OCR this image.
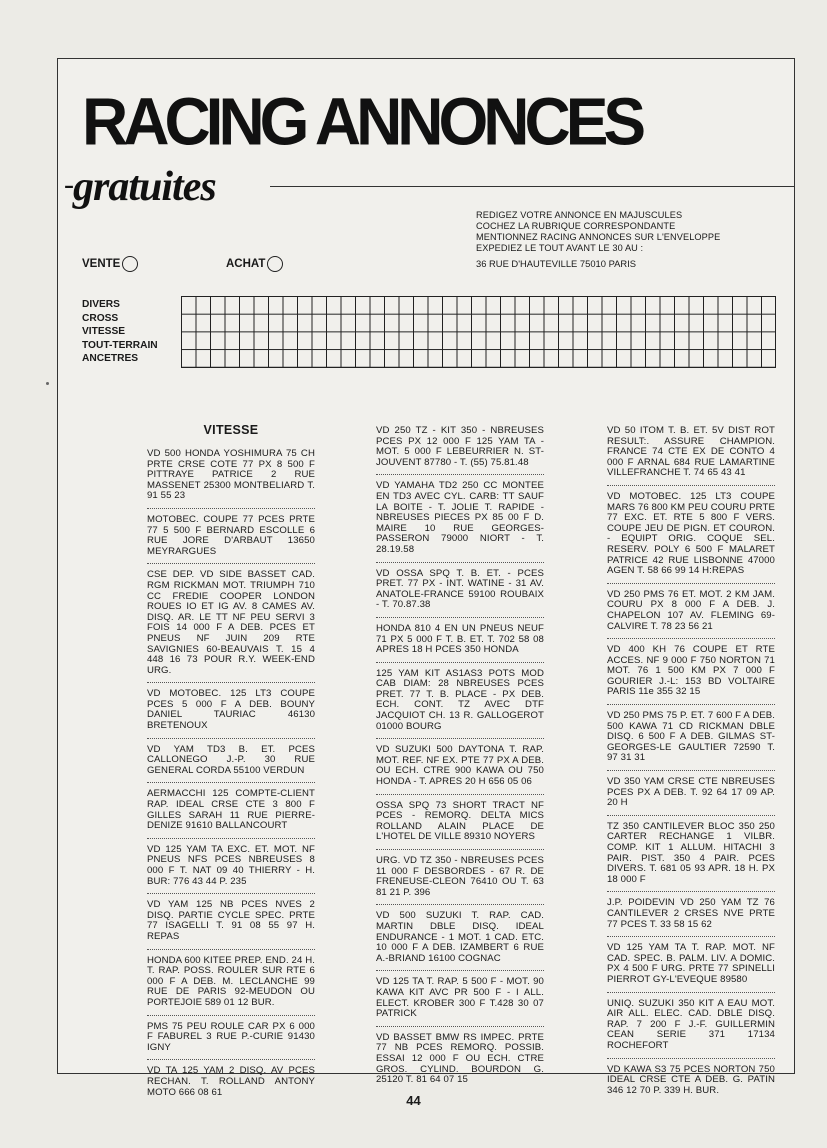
RACING ANNONCES
-gratuites
REDIGEZ VOTRE ANNONCE EN MAJUSCULES
COCHEZ LA RUBRIQUE CORRESPONDANTE
MENTIONNEZ RACING ANNONCES SUR L'ENVELOPPE
EXPEDIEZ LE TOUT AVANT LE 30 AU :
36 RUE D'HAUTEVILLE 75010 PARIS
VENTE	ACHAT
DIVERS
CROSS
VITESSE
TOUT-TERRAIN
ANCETRES
VITESSE
VD 500 HONDA YOSHIMURA 75 CH PRTE CRSE COTE 77 PX 8 500 F PITTRAYE PATRICE 2 RUE MASSENET 25300 MONTBELIARD T. 91 55 23
MOTOBEC. COUPE 77 PCES PRTE 77 5 500 F BERNARD ESCOLLE 6 RUE JORE D'ARBAUT 13650 MEYRARGUES
CSE DEP. VD SIDE BASSET CAD. RGM RICKMAN MOT. TRIUMPH 710 CC FREDIE COOPER LONDON ROUES IO ET IG AV. 8 CAMES AV. DISQ. AR. LE TT NF PEU SERVI 3 FOIS 14 000 F A DEB. PCES ET PNEUS NF JUIN 209 RTE SAVIGNIES 60-BEAUVAIS T. 15 4 448 16 73 POUR R.Y. WEEK-END URG.
VD MOTOBEC. 125 LT3 COUPE PCES 5 000 F A DEB. BOUNY DANIEL TAURIAC 46130 BRETENOUX
VD YAM TD3 B. ET. PCES CALLONEGO J.-P. 30 RUE GENERAL CORDA 55100 VERDUN
AERMACCHI 125 COMPTE-CLIENT RAP. IDEAL CRSE CTE 3 800 F GILLES SARAH 11 RUE PIERRE-DENIZE 91610 BALLANCOURT
VD 125 YAM TA EXC. ET. MOT. NF PNEUS NFS PCES NBREUSES 8 000 F T. NAT 09 40 THIERRY - H. BUR: 776 43 44 P. 235
VD YAM 125 NB PCES NVES 2 DISQ. PARTIE CYCLE SPEC. PRTE 77 ISAGELLI T. 91 08 55 97 H. REPAS
HONDA 600 KITEE PREP. END. 24 H. T. RAP. POSS. ROULER SUR RTE 6 000 F A DEB. M. LECLANCHE 99 RUE DE PARIS 92-MEUDON OU PORTEJOIE 589 01 12 BUR.
PMS 75 PEU ROULE CAR PX 6 000 F FABUREL 3 RUE P.-CURIE 91430 IGNY
VD TA 125 YAM 2 DISQ. AV PCES RECHAN. T. ROLLAND ANTONY MOTO 666 08 61
VD 250 TZ - KIT 350 - NBREUSES PCES PX 12 000 F 125 YAM TA - MOT. 5 000 F LEBEURRIER N. ST-JOUVENT 87780 - T. (55) 75.81.48
VD YAMAHA TD2 250 CC MONTEE EN TD3 AVEC CYL. CARB: TT SAUF LA BOITE - T. JOLIE T. RAPIDE - NBREUSES PIECES PX 85 00 F D. MAIRE 10 RUE GEORGES-PASSERON 79000 NIORT - T. 28.19.58
VD OSSA SPQ T. B. ET. - PCES PRET. 77 PX - INT. WATINE - 31 AV. ANATOLE-FRANCE 59100 ROUBAIX - T. 70.87.38
HONDA 810 4 EN UN PNEUS NEUF 71 PX 5 000 F T. B. ET. T. 702 58 08 APRES 18 H PCES 350 HONDA
125 YAM KIT AS1AS3 POTS MOD CAB DIAM: 28 NBREUSES PCES PRET. 77 T. B. PLACE - PX DEB. ECH. CONT. TZ AVEC DTF JACQUIOT CH. 13 R. GALLOGEROT 01000 BOURG
VD SUZUKI 500 DAYTONA T. RAP. MOT. REF. NF EX. PTE 77 PX A DEB. OU ECH. CTRE 900 KAWA OU 750 HONDA - T. APRES 20 H 656 05 06
OSSA SPQ 73 SHORT TRACT NF PCES - REMORQ. DELTA MICS ROLLAND ALAIN PLACE DE L'HOTEL DE VILLE 89310 NOYERS
URG. VD TZ 350 - NBREUSES PCES 11 000 F DESBORDES - 67 R. DE FRENEUSE-CLEON 76410 OU T. 63 81 21 P. 396
VD 500 SUZUKI T. RAP. CAD. MARTIN DBLE DISQ. IDEAL ENDURANCE - 1 MOT. 1 CAD. ETC. 10 000 F A DEB. IZAMBERT 6 RUE A.-BRIAND 16100 COGNAC
VD 125 TA T. RAP. 5 500 F - MOT. 90 KAWA KIT AVC PR 500 F - I ALL. ELECT. KROBER 300 F T.428 30 07 PATRICK
VD BASSET BMW RS IMPEC. PRTE 77 NB PCES REMORQ. POSSIB. ESSAI 12 000 F OU ECH. CTRE GROS. CYLIND. BOURDON G. 25120 T. 81 64 07 15
VD 50 ITOM T. B. ET. 5V DIST ROT RESULT:. ASSURE CHAMPION. FRANCE 74 CTE EX DE CONTO 4 000 F ARNAL 684 RUE LAMARTINE VILLEFRANCHE T. 74 65 43 41
VD MOTOBEC. 125 LT3 COUPE MARS 76 800 KM PEU COURU PRTE 77 EXC. ET. RTE 5 800 F VERS. COUPE JEU DE PIGN. ET COURON. - EQUIPT ORIG. COQUE SEL. RESERV. POLY 6 500 F MALARET PATRICE 42 RUE LISBONNE 47000 AGEN T. 58 66 99 14 H:REPAS
VD 250 PMS 76 ET. MOT. 2 KM JAM. COURU PX 8 000 F A DEB. J. CHAPELON 107 AV. FLEMING 69-CALVIRE T. 78 23 56 21
VD 400 KH 76 COUPE ET RTE ACCES. NF 9 000 F 750 NORTON 71 MOT. 76 1 500 KM PX 7 000 F GOURIER J.-L: 153 BD VOLTAIRE PARIS 11e 355 32 15
VD 250 PMS 75 P. ET. 7 600 F A DEB. 500 KAWA 71 CD RICKMAN DBLE DISQ. 6 500 F A DEB. GILMAS ST-GEORGES-LE GAULTIER 72590 T. 97 31 31
VD 350 YAM CRSE CTE NBREUSES PCES PX A DEB. T. 92 64 17 09 AP. 20 H
TZ 350 CANTILEVER BLOC 350 250 CARTER RECHANGE 1 VILBR. COMP. KIT 1 ALLUM. HITACHI 3 PAIR. PIST. 350 4 PAIR. PCES DIVERS. T. 681 05 93 APR. 18 H. PX 18 000 F
J.P. POIDEVIN VD 250 YAM TZ 76 CANTILEVER 2 CRSES NVE PRTE 77 PCES T. 33 58 15 62
VD 125 YAM TA T. RAP. MOT. NF CAD. SPEC. B. PALM. LIV. A DOMIC. PX 4 500 F URG. PRTE 77 SPINELLI PIERROT GY-L'EVEQUE 89580
UNIQ. SUZUKI 350 KIT A EAU MOT. AIR ALL. ELEC. CAD. DBLE DISQ. RAP. 7 200 F J.-F. GUILLERMIN CEAN SERIE 371 17134 ROCHEFORT
VD KAWA S3 75 PCES NORTON 750 IDEAL CRSE CTE A DEB. G. PATIN 346 12 70 P. 339 H. BUR.
44
